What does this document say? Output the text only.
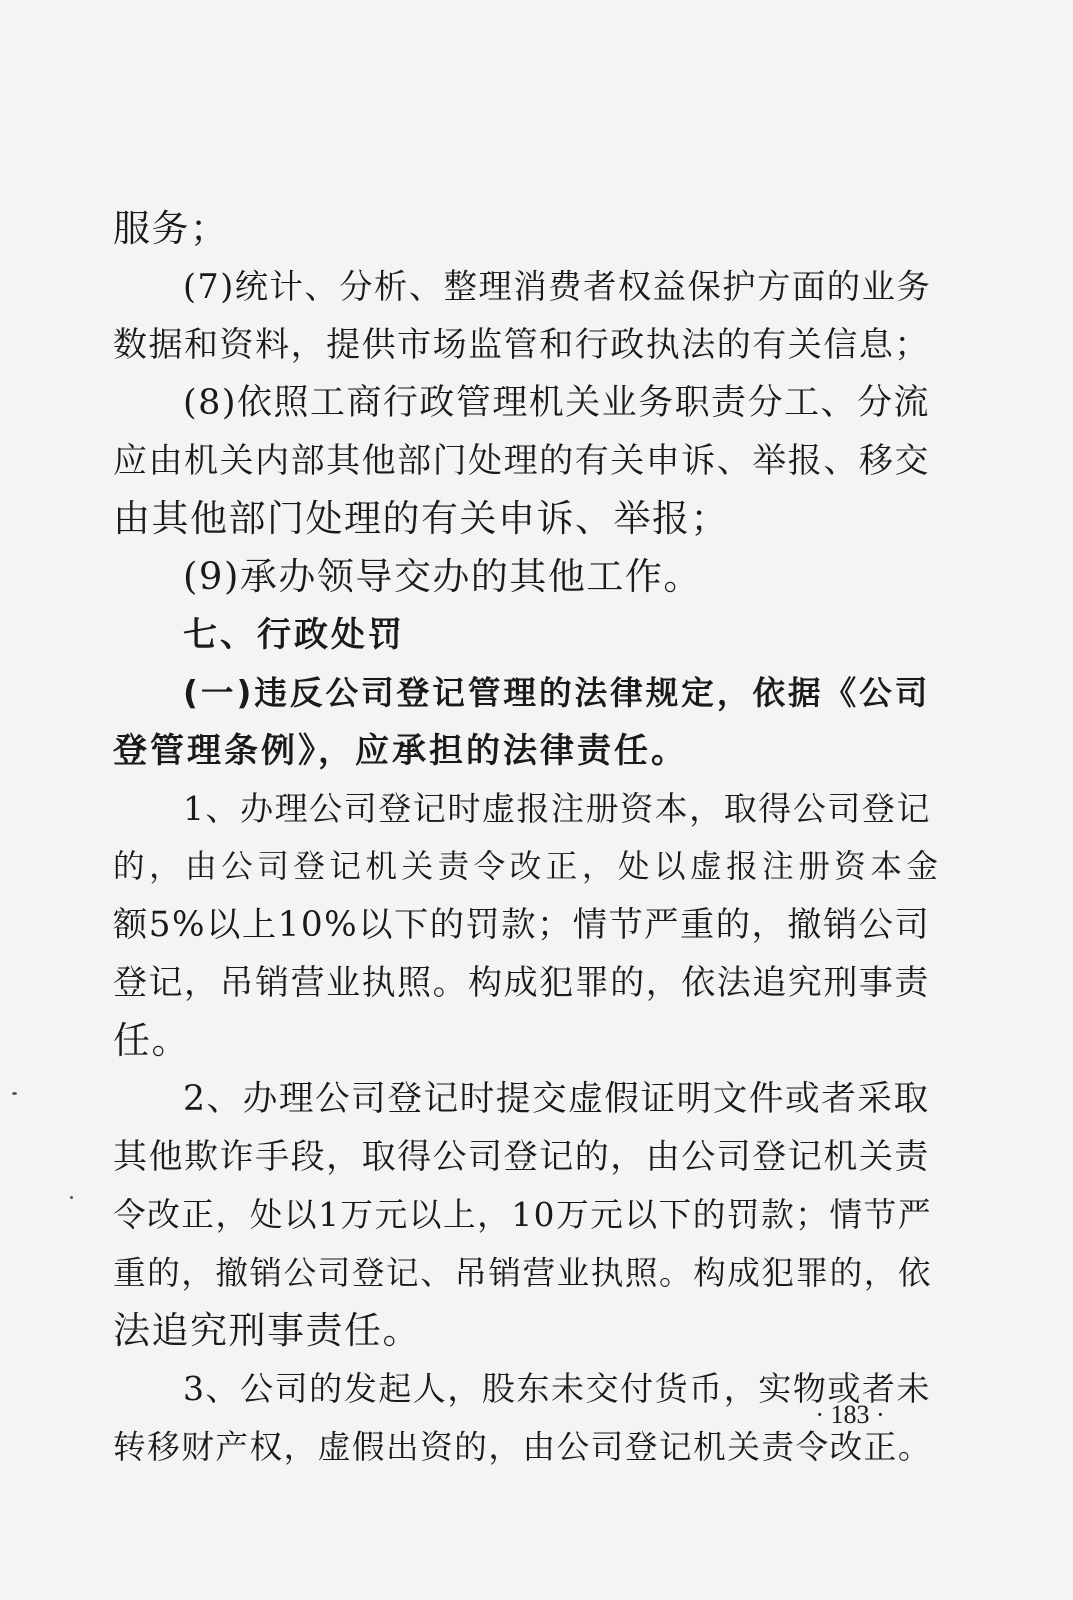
服务；
(7)统计、分析、整理消费者权益保护方面的业务
数据和资料，提供市场监管和行政执法的有关信息；
(8)依照工商行政管理机关业务职责分工、分流
应由机关内部其他部门处理的有关申诉、举报、移交
由其他部门处理的有关申诉、举报；
(9)承办领导交办的其他工作。
七、行政处罚
(一)违反公司登记管理的法律规定，依据《公司
登管理条例》，应承担的法律责任。
1、办理公司登记时虚报注册资本，取得公司登记
的，由公司登记机关责令改正，处以虚报注册资本金
额5%以上10%以下的罚款；情节严重的，撤销公司
登记，吊销营业执照。构成犯罪的，依法追究刑事责
任。
2、办理公司登记时提交虚假证明文件或者采取
其他欺诈手段，取得公司登记的，由公司登记机关责
令改正，处以1万元以上，10万元以下的罚款；情节严
重的，撤销公司登记、吊销营业执照。构成犯罪的，依
法追究刑事责任。
3、公司的发起人，股东未交付货币，实物或者未
转移财产权，虚假出资的，由公司登记机关责令改正。
· 183 ·
